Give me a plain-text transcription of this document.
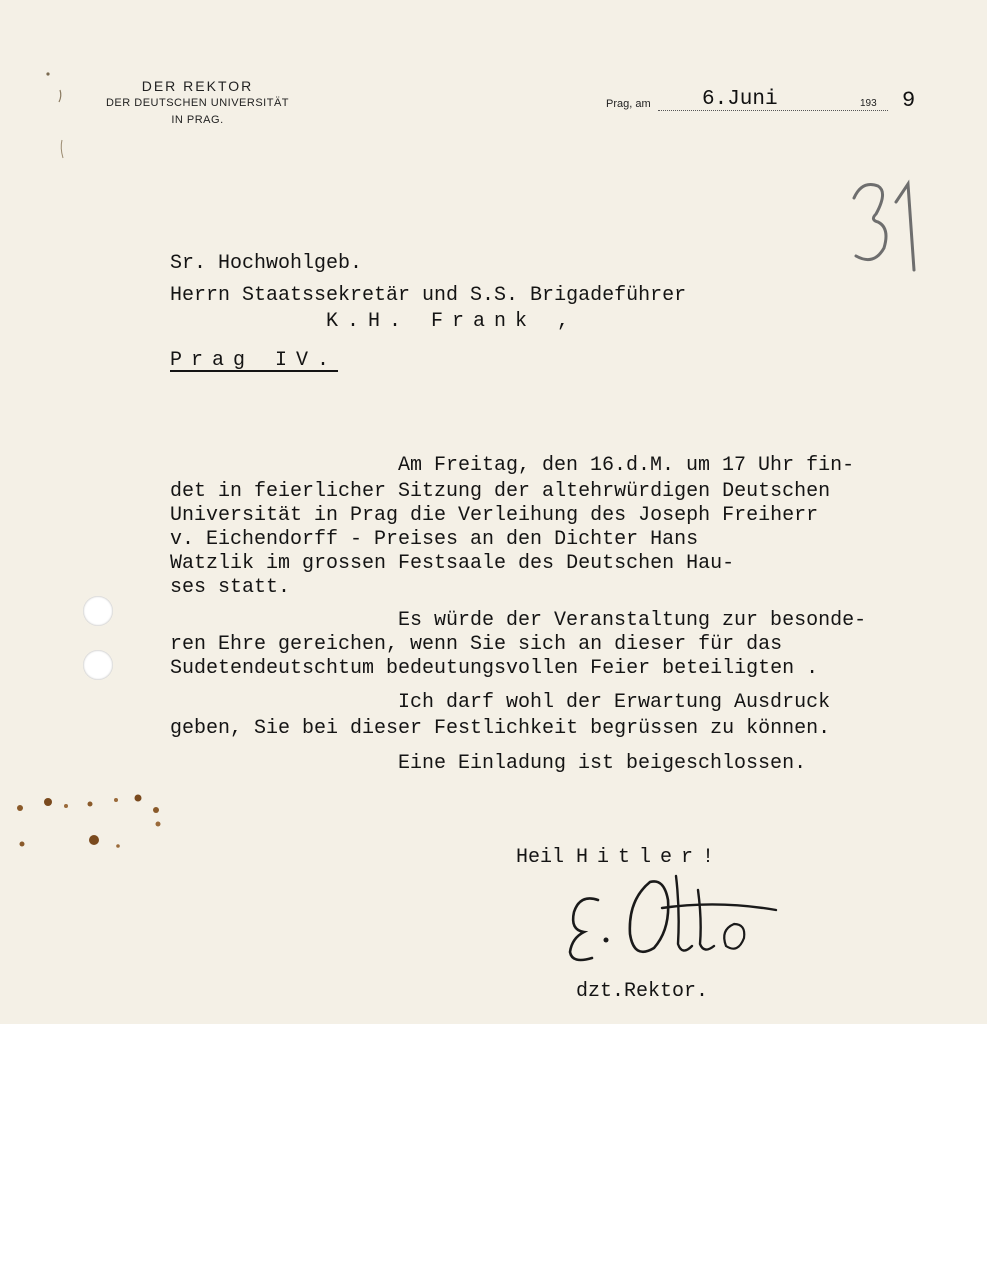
DER REKTOR
DER DEUTSCHEN UNIVERSITÄT
IN PRAG.
Prag, am 6.Juni	193 9
31
Sr. Hochwohlgeb.
Herrn Staatssekretär und S.S. Brigadeführer
K.H. Frank ,
Prag IV.
Am Freitag, den 16.d.M. um 17 Uhr fin-
det in feierlicher Sitzung der altehrwürdigen Deutschen
Universität in Prag die Verleihung des Joseph Freiherr
v. Eichendorff - Preises an den Dichter Hans
Watzlik im grossen Festsaale des Deutschen Hau-
ses statt.
Es würde der Veranstaltung zur besonde-
ren Ehre gereichen, wenn Sie sich an dieser für das
Sudetendeutschtum bedeutungsvollen Feier beteiligten .
Ich darf wohl der Erwartung Ausdruck
geben, Sie bei dieser Festlichkeit begrüssen zu können.
Eine Einladung ist beigeschlossen.
Heil Hitler!
E. Otto
dzt.Rektor.
